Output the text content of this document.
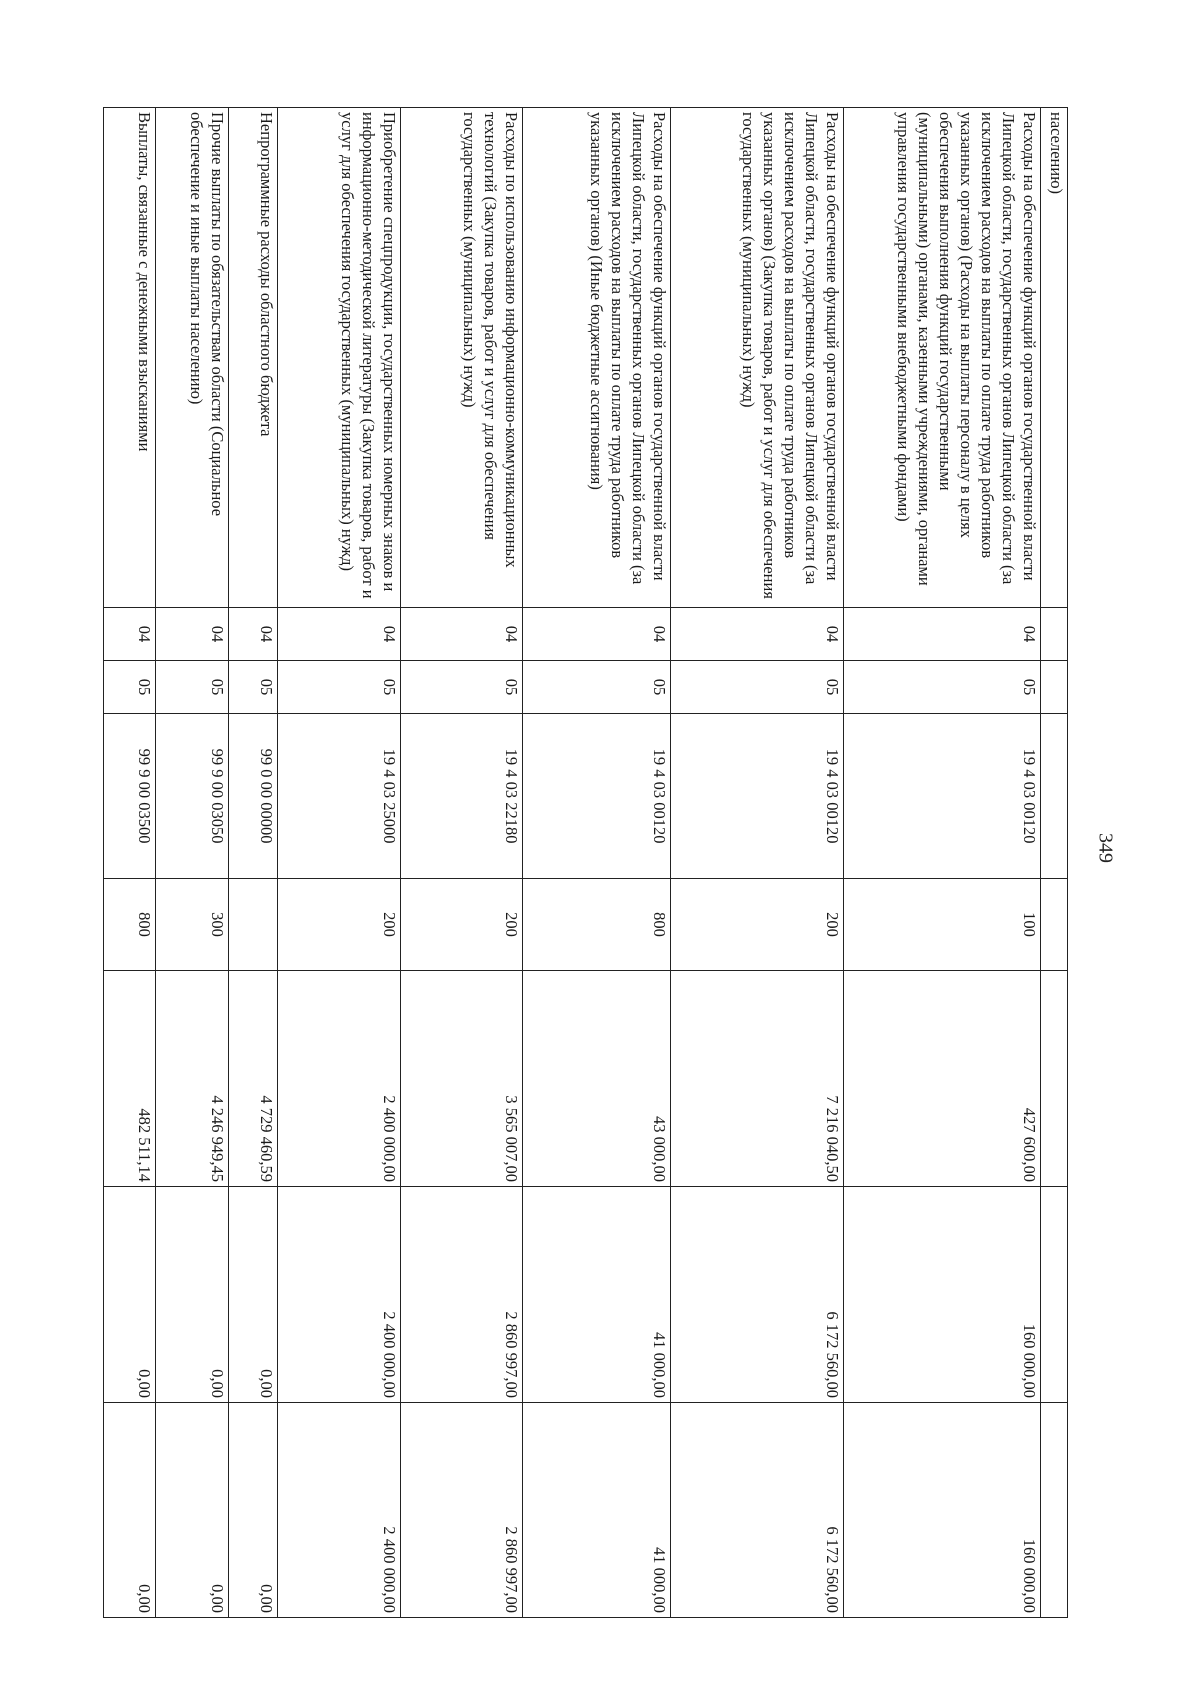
349
населению)							
Расходы на обеспечение функций органов государственной власти Липецкой области, государственных органов Липецкой области (за исключением расходов на выплаты по оплате труда работников указанных органов) (Расходы на выплаты персоналу в целях обеспечения выполнения функций государственными (муниципальными) органами, казенными учреждениями, органами управления государственными внебюджетными фондами)	04	05	19 4 03 00120	100	427 600,00	160 000,00	160 000,00
Расходы на обеспечение функций органов государственной власти Липецкой области, государственных органов Липецкой области (за исключением расходов на выплаты по оплате труда работников указанных органов) (Закупка товаров, работ и услуг для обеспечения государственных (муниципальных) нужд)	04	05	19 4 03 00120	200	7 216 040,50	6 172 560,00	6 172 560,00
Расходы на обеспечение функций органов государственной власти Липецкой области, государственных органов Липецкой области (за исключением расходов на выплаты по оплате труда работников указанных органов) (Иные бюджетные ассигнования)	04	05	19 4 03 00120	800	43 000,00	41 000,00	41 000,00
Расходы по использованию информационно-коммуникационных технологий (Закупка товаров, работ и услуг для обеспечения государственных (муниципальных) нужд)	04	05	19 4 03 22180	200	3 565 007,00	2 860 997,00	2 860 997,00
Приобретение спецпродукции, государственных номерных знаков и информационно-методической литературы (Закупка товаров, работ и услуг для обеспечения государственных (муниципальных) нужд)	04	05	19 4 03 25000	200	2 400 000,00	2 400 000,00	2 400 000,00
Непрограммные расходы областного бюджета	04	05	99 0 00 00000		4 729 460,59	0,00	0,00
Прочие выплаты по обязательствам области (Социальное обеспечение и иные выплаты населению)	04	05	99 9 00 03050	300	4 246 949,45	0,00	0,00
Выплаты, связанные с денежными взысканиями	04	05	99 9 00 03500	800	482 511,14	0,00	0,00
